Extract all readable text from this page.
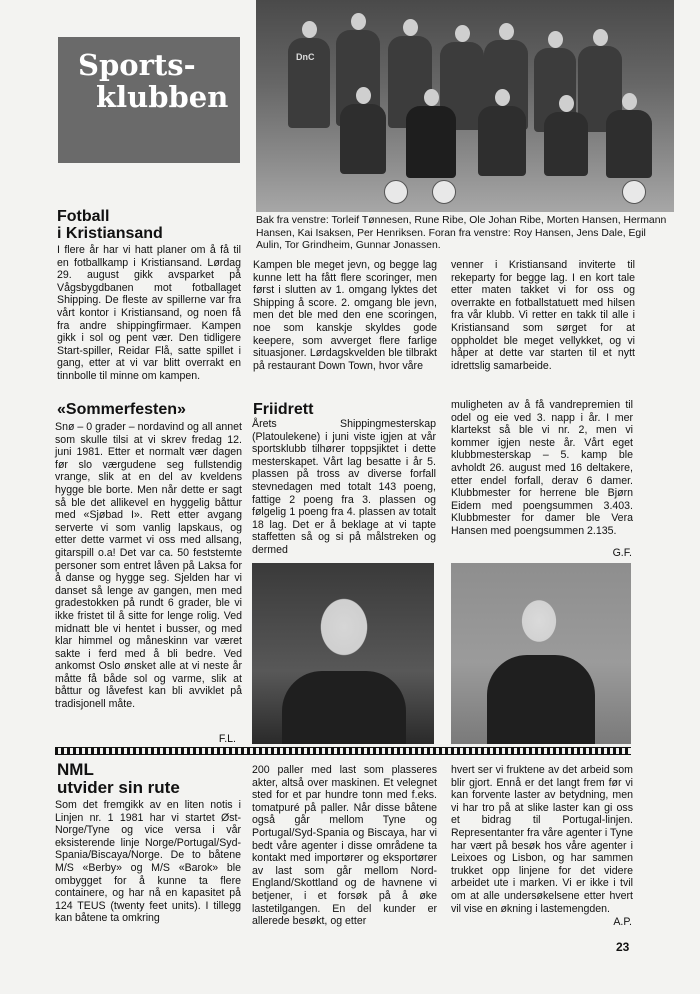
Sports-
klubben
DnC
Bak fra venstre: Torleif Tønnesen, Rune Ribe, Ole Johan Ribe, Morten Hansen, Hermann Hansen, Kai Isaksen, Per Henriksen. Foran fra venstre: Roy Hansen, Jens Dale, Egil Aulin, Tor Grindheim, Gunnar Jonassen.
Fotball
i Kristiansand

I flere år har vi hatt planer om å få til en fotballkamp i Kristiansand. Lørdag 29. august gikk avsparket på Vågsbygdbanen mot fotballaget Shipping. De fleste av spillerne var fra vårt kontor i Kristiansand, og noen få fra andre shippingfirmaer. Kampen gikk i sol og pent vær. Den tidligere Start-spiller, Reidar Flå, satte spillet i gang, etter at vi var blitt overrakt en tinnbolle til minne om kampen.

Kampen ble meget jevn, og begge lag kunne lett ha fått flere scoringer, men først i slutten av 1. omgang lyktes det Shipping å score. 2. omgang ble jevn, men det ble med den ene scoringen, noe som kanskje skyldes gode keepere, som avverget flere farlige situasjoner. Lørdagskvelden ble tilbrakt på restaurant Down Town, hvor våre

venner i Kristiansand inviterte til rekeparty for begge lag. I en kort tale etter maten takket vi for oss og overrakte en fotballstatuett med hilsen fra vår klubb. Vi retter en takk til alle i Kristiansand som sørget for at oppholdet ble meget vellykket, og vi håper at dette var starten til et nytt idrettslig samarbeide.

«Sommerfesten»

Snø – 0 grader – nordavind og all annet som skulle tilsi at vi skrev fredag 12. juni 1981. Etter et normalt vær dagen før slo værgudene seg fullstendig vrange, slik at en del av kveldens hygge ble borte. Men når dette er sagt så ble det allikevel en hyggelig båttur med «Sjøbad I». Rett etter avgang serverte vi som vanlig lapskaus, og etter dette varmet vi oss med allsang, gitarspill o.a! Det var ca. 50 feststemte personer som entret låven på Laksa for å danse og hygge seg. Sjelden har vi danset så lenge av gangen, men med gradestokken på rundt 6 grader, ble vi ikke fristet til å sitte for lenge rolig. Ved midnatt ble vi hentet i busser, og med klar himmel og måneskinn var været sakte i ferd med å bli bedre. Ved ankomst Oslo ønsket alle at vi neste år måtte få både sol og varme, slik at båttur og låvefest kan bli avviklet på tradisjonell måte.

F.L.
Friidrett

Årets Shippingmesterskap (Platoulekene) i juni viste igjen at vår sportsklubb tilhører toppsjiktet i dette mesterskapet. Vårt lag besatte i år 5. plassen på tross av diverse forfall stevnedagen med totalt 143 poeng, fattige 2 poeng fra 3. plassen og følgelig 1 poeng fra 4. plassen av totalt 18 lag. Det er å beklage at vi tapte staffetten så og si på målstreken og dermed

muligheten av å få vandrepremien til odel og eie ved 3. napp i år. I mer klartekst så ble vi nr. 2, men vi kommer igjen neste år. Vårt eget klubbmesterskap – 5. kamp ble avholdt 26. august med 16 deltakere, etter endel forfall, derav 6 damer. Klubbmester for herrene ble Bjørn Eidem med poengsummen 3.403. Klubbmester for damer ble Vera Hansen med poengsummen 2.135.

G.F.
NML
utvider sin rute

Som det fremgikk av en liten notis i Linjen nr. 1 1981 har vi startet Øst-Norge/Tyne og vice versa i vår eksisterende linje Norge/Portugal/Syd-Spania/Biscaya/Norge. De to båtene M/S «Berby» og M/S «Barok» ble ombygget for å kunne ta flere containere, og har nå en kapasitet på 124 TEUS (twenty feet units). I tillegg kan båtene ta omkring

200 paller med last som plasseres akter, altså over maskinen. Et velegnet sted for et par hundre tonn med f.eks. tomatpuré på paller. Når disse båtene også går mellom Tyne og Portugal/Syd-Spania og Biscaya, har vi bedt våre agenter i disse områdene ta kontakt med importører og eksportører av last som går mellom Nord-England/Skottland og de havnene vi betjener, i et forsøk på å øke lastetilgangen. En del kunder er allerede besøkt, og etter

hvert ser vi fruktene av det arbeid som blir gjort. Ennå er det langt frem før vi kan forvente laster av betydning, men vi har tro på at slike laster kan gi oss et bidrag til Portugal-linjen. Representanter fra våre agenter i Tyne har vært på besøk hos våre agenter i Leixoes og Lisbon, og har sammen trukket opp linjene for det videre arbeidet ute i marken. Vi er ikke i tvil om at alle undersøkelsene etter hvert vil vise en økning i lastemengden.

A.P.
23
